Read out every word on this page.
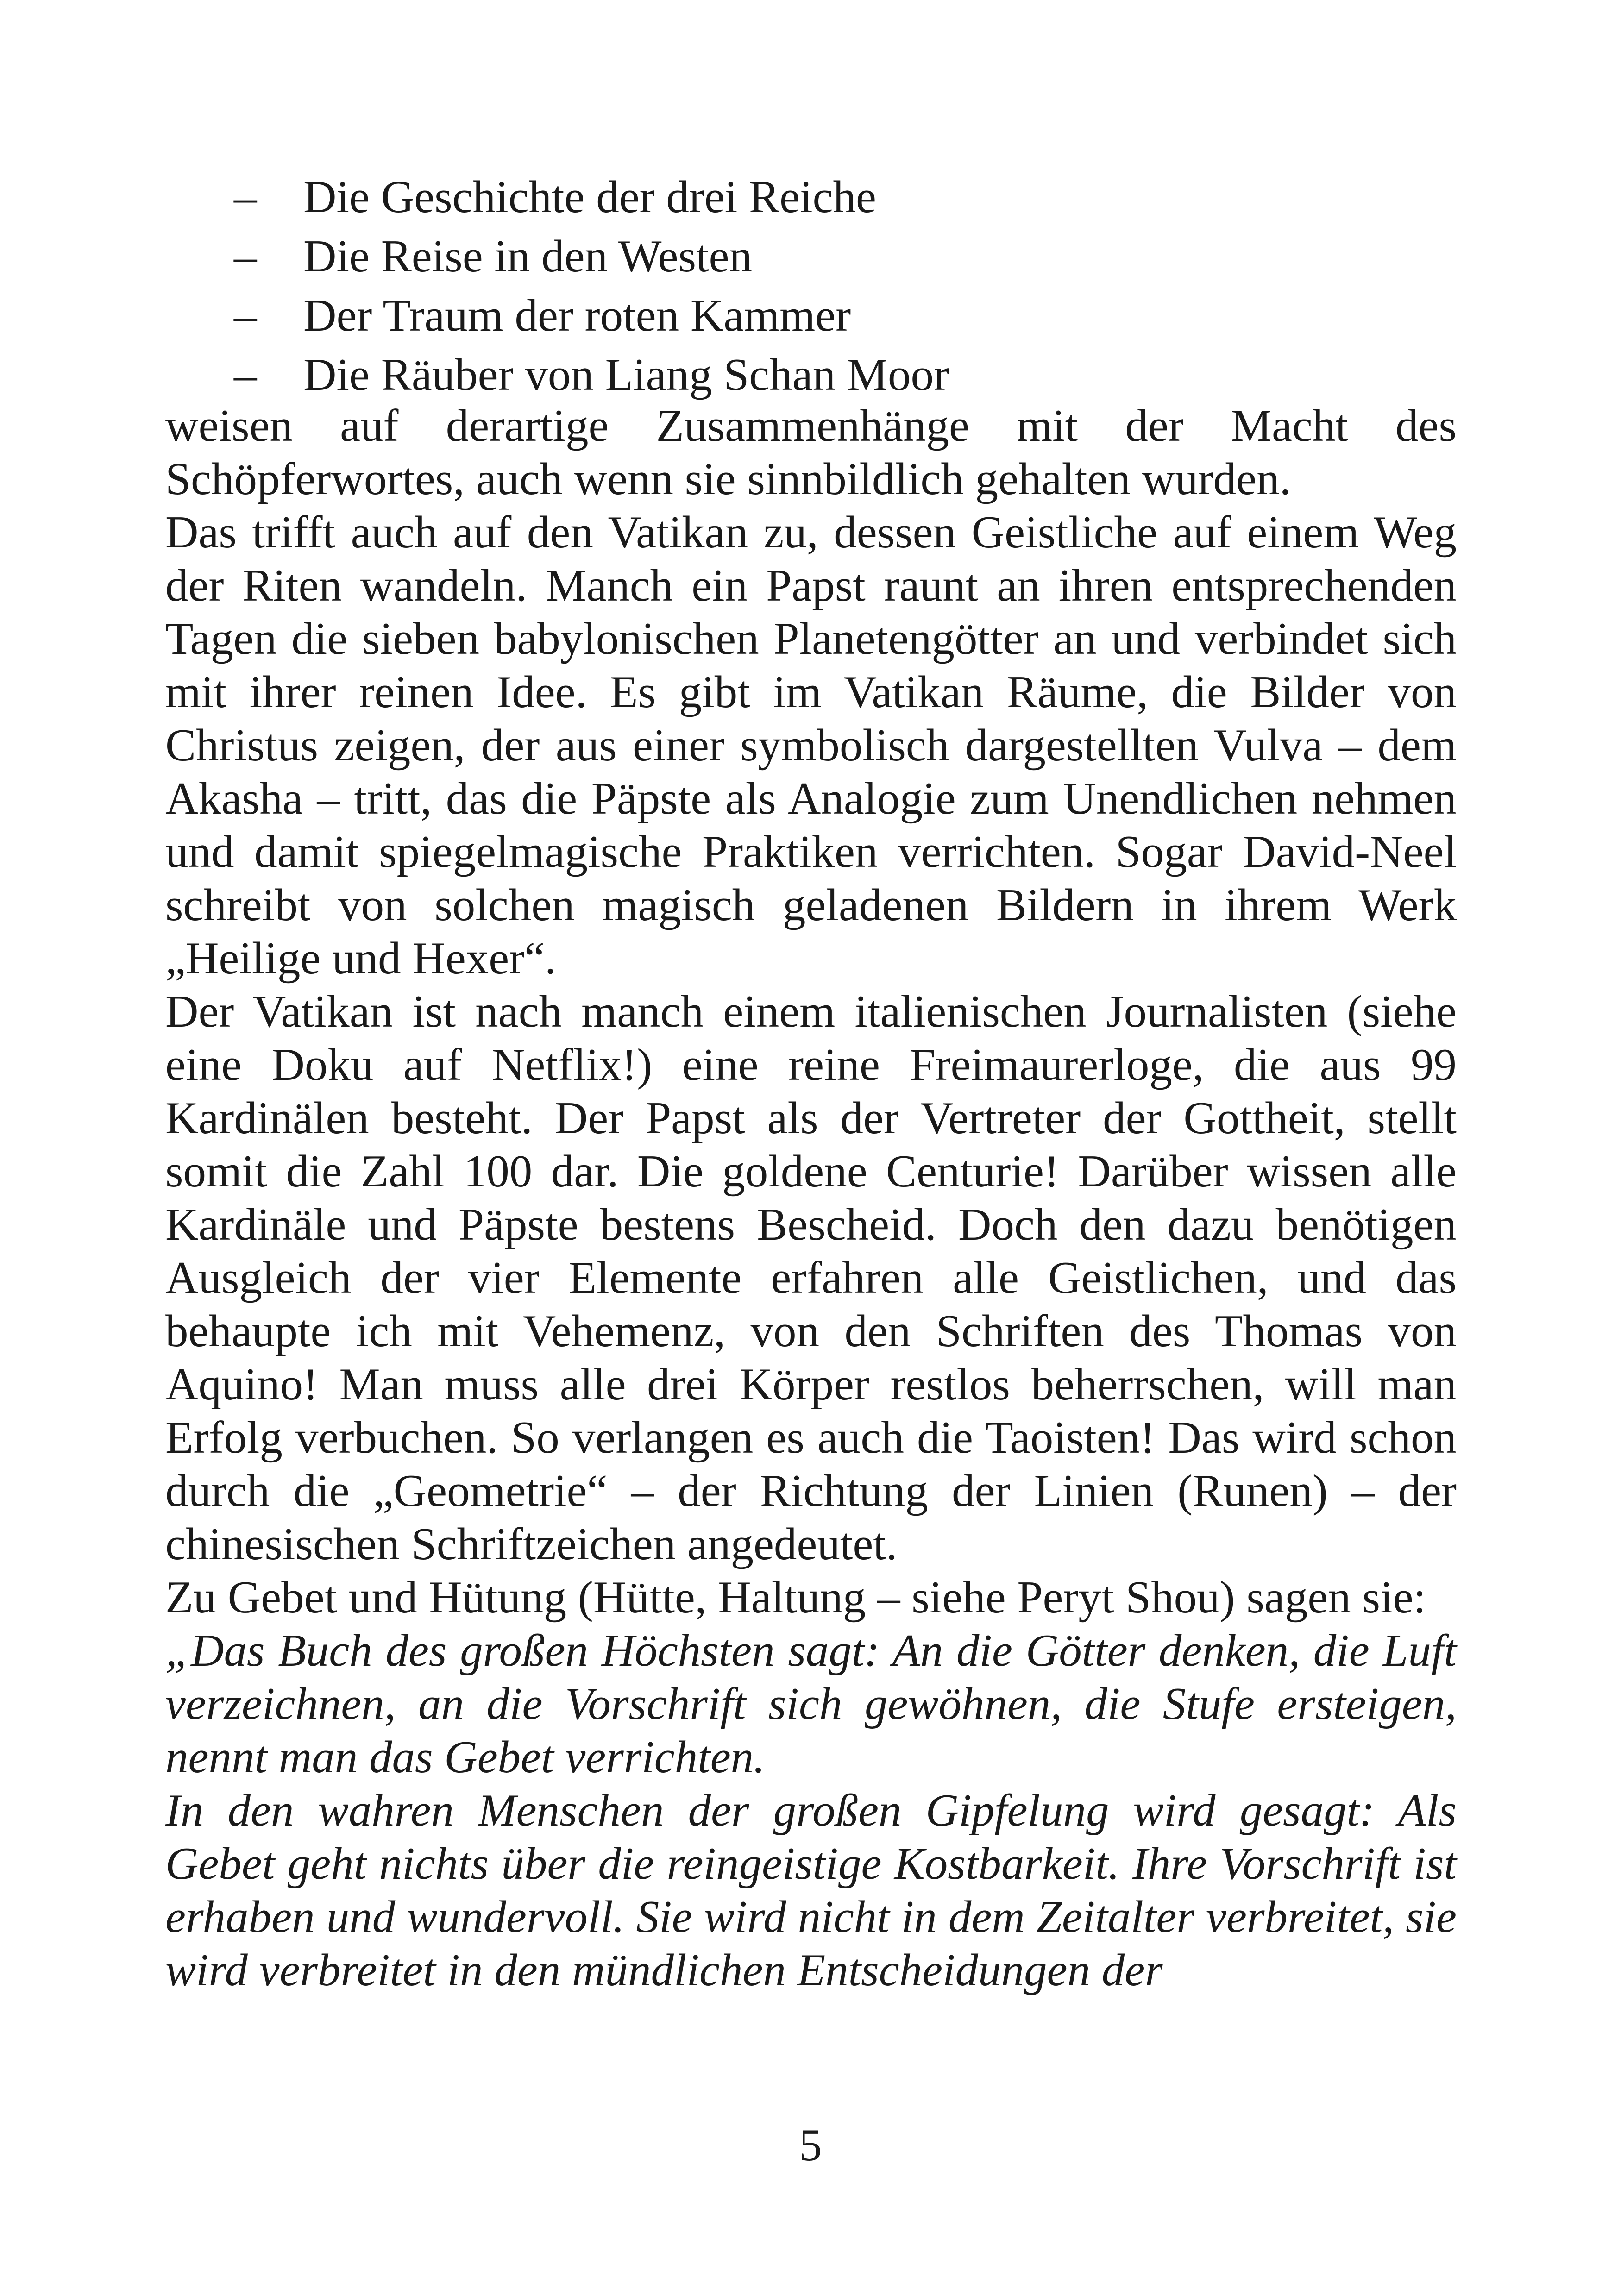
–	Die Geschichte der drei Reiche
–	Die Reise in den Westen
–	Der Traum der roten Kammer
–	Die Räuber von Liang Schan Moor

weisen auf derartige Zusammenhänge mit der Macht des Schöpferwortes, auch wenn sie sinnbildlich gehalten wurden.

Das trifft auch auf den Vatikan zu, dessen Geistliche auf einem Weg der Riten wandeln. Manch ein Papst raunt an ihren entsprechenden Tagen die sieben babylonischen Planetengötter an und verbindet sich mit ihrer reinen Idee. Es gibt im Vatikan Räume, die Bilder von Christus zeigen, der aus einer symbolisch dargestellten Vulva – dem Akasha – tritt, das die Päpste als Analogie zum Unendlichen nehmen und damit spiegelmagische Praktiken verrichten. Sogar David-Neel schreibt von solchen magisch geladenen Bildern in ihrem Werk „Heilige und Hexer“.

Der Vatikan ist nach manch einem italienischen Journalisten (siehe eine Doku auf Netflix!) eine reine Freimaurerloge, die aus 99 Kardinälen besteht. Der Papst als der Vertreter der Gottheit, stellt somit die Zahl 100 dar. Die goldene Centurie! Darüber wissen alle Kardinäle und Päpste bestens Bescheid. Doch den dazu benötigen Ausgleich der vier Elemente erfahren alle Geistlichen, und das behaupte ich mit Vehemenz, von den Schriften des Thomas von Aquino! Man muss alle drei Körper restlos beherrschen, will man Erfolg verbuchen. So verlangen es auch die Taoisten! Das wird schon durch die „Geometrie“ – der Richtung der Linien (Runen) – der chinesischen Schriftzeichen angedeutet.

Zu Gebet und Hütung (Hütte, Haltung – siehe Peryt Shou) sagen sie:

„Das Buch des großen Höchsten sagt: An die Götter denken, die Luft verzeichnen, an die Vorschrift sich gewöhnen, die Stufe ersteigen, nennt man das Gebet verrichten.

In den wahren Menschen der großen Gipfelung wird gesagt: Als Gebet geht nichts über die reingeistige Kostbarkeit. Ihre Vorschrift ist erhaben und wundervoll. Sie wird nicht in dem Zeitalter verbreitet, sie wird verbreitet in den mündlichen Entscheidungen der

5
